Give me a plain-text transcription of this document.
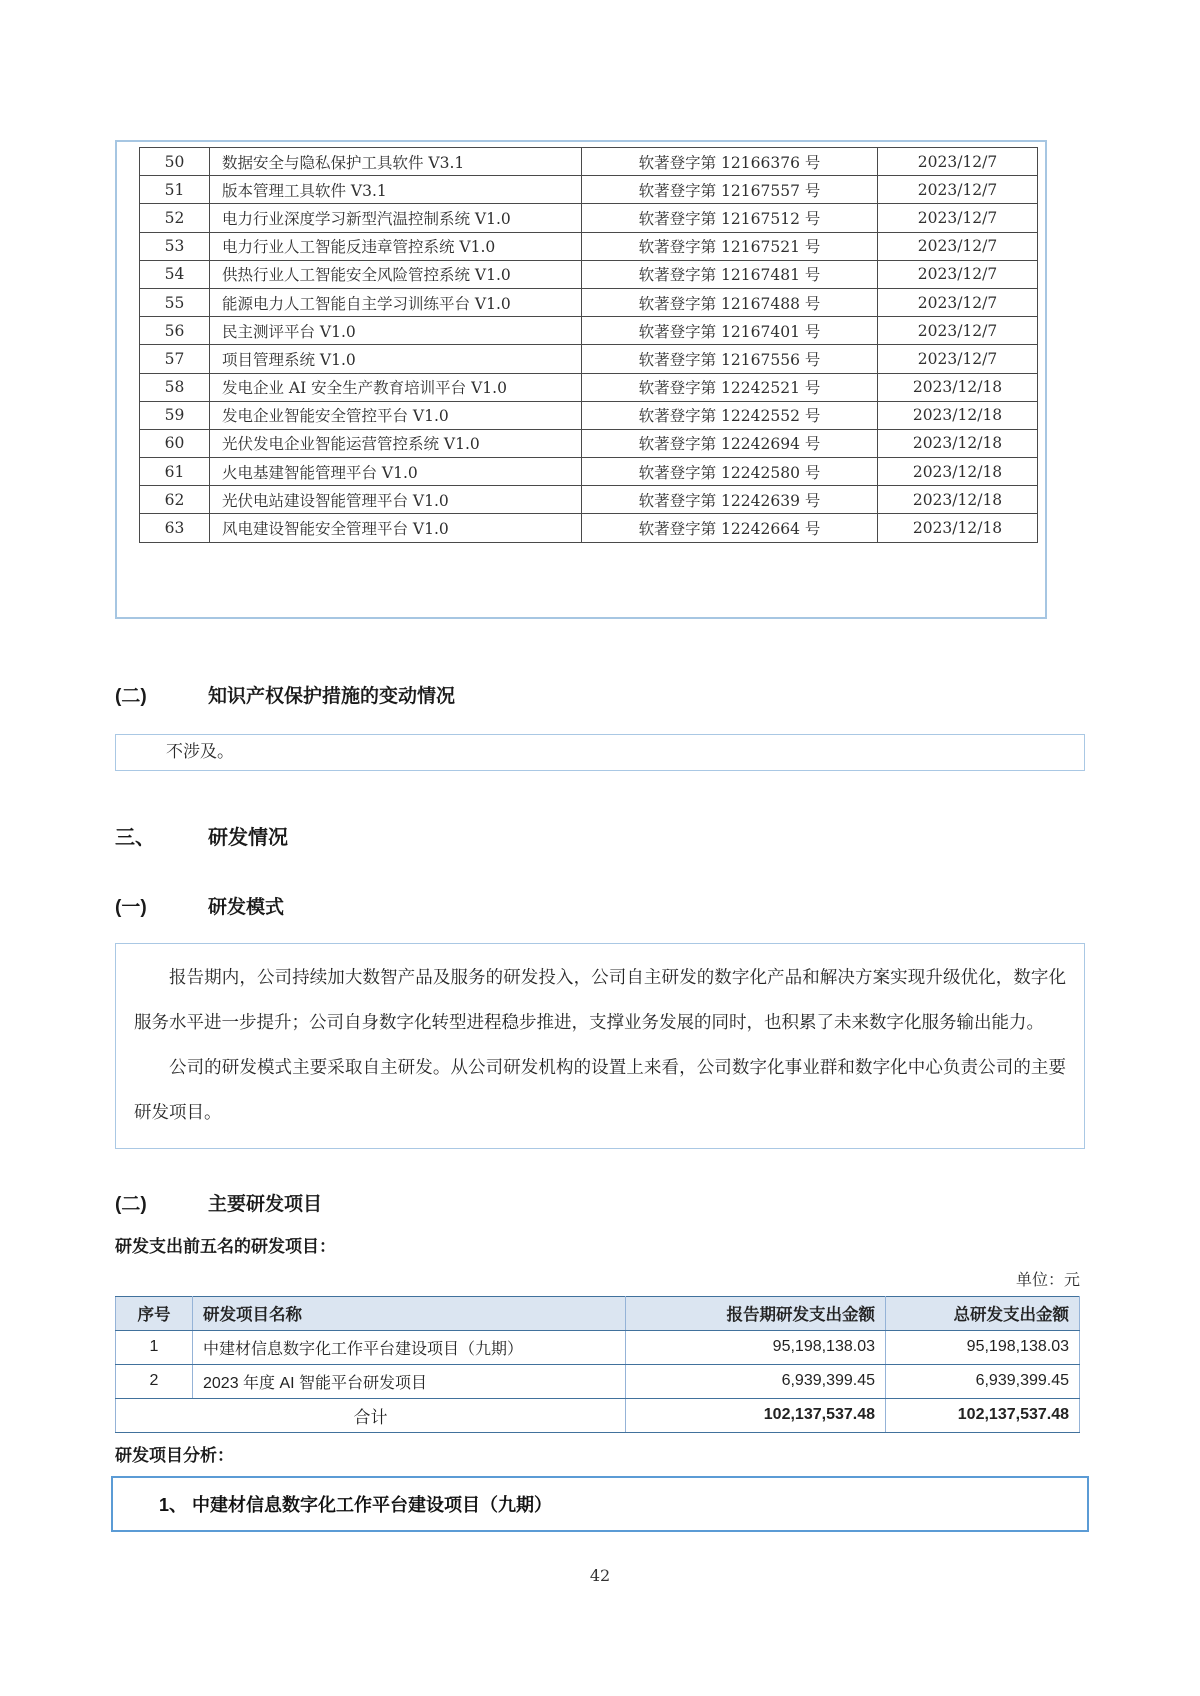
50	数据安全与隐私保护工具软件 V3.1	软著登字第 12166376 号	2023/12/7
51	版本管理工具软件 V3.1	软著登字第 12167557 号	2023/12/7
52	电力行业深度学习新型汽温控制系统 V1.0	软著登字第 12167512 号	2023/12/7
53	电力行业人工智能反违章管控系统 V1.0	软著登字第 12167521 号	2023/12/7
54	供热行业人工智能安全风险管控系统 V1.0	软著登字第 12167481 号	2023/12/7
55	能源电力人工智能自主学习训练平台 V1.0	软著登字第 12167488 号	2023/12/7
56	民主测评平台 V1.0	软著登字第 12167401 号	2023/12/7
57	项目管理系统 V1.0	软著登字第 12167556 号	2023/12/7
58	发电企业 AI 安全生产教育培训平台 V1.0	软著登字第 12242521 号	2023/12/18
59	发电企业智能安全管控平台 V1.0	软著登字第 12242552 号	2023/12/18
60	光伏发电企业智能运营管控系统 V1.0	软著登字第 12242694 号	2023/12/18
61	火电基建智能管理平台 V1.0	软著登字第 12242580 号	2023/12/18
62	光伏电站建设智能管理平台 V1.0	软著登字第 12242639 号	2023/12/18
63	风电建设智能安全管理平台 V1.0	软著登字第 12242664 号	2023/12/18
(二)	知识产权保护措施的变动情况
不涉及。
三、	研发情况
(一)	研发模式

报告期内，公司持续加大数智产品及服务的研发投入，公司自主研发的数字化产品和解决方案实现升级优化，数字化服务水平进一步提升；公司自身数字化转型进程稳步推进，支撑业务发展的同时，也积累了未来数字化服务输出能力。

公司的研发模式主要采取自主研发。从公司研发机构的设置上来看，公司数字化事业群和数字化中心负责公司的主要研发项目。

(二)	主要研发项目
研发支出前五名的研发项目：
单位：元
序号	研发项目名称	报告期研发支出金额	总研发支出金额
1	中建材信息数字化工作平台建设项目（九期）	95,198,138.03	95,198,138.03
2	2023 年度 AI 智能平台研发项目	6,939,399.45	6,939,399.45
合计		102,137,537.48	102,137,537.48
研发项目分析：
1、 中建材信息数字化工作平台建设项目（九期）
42
